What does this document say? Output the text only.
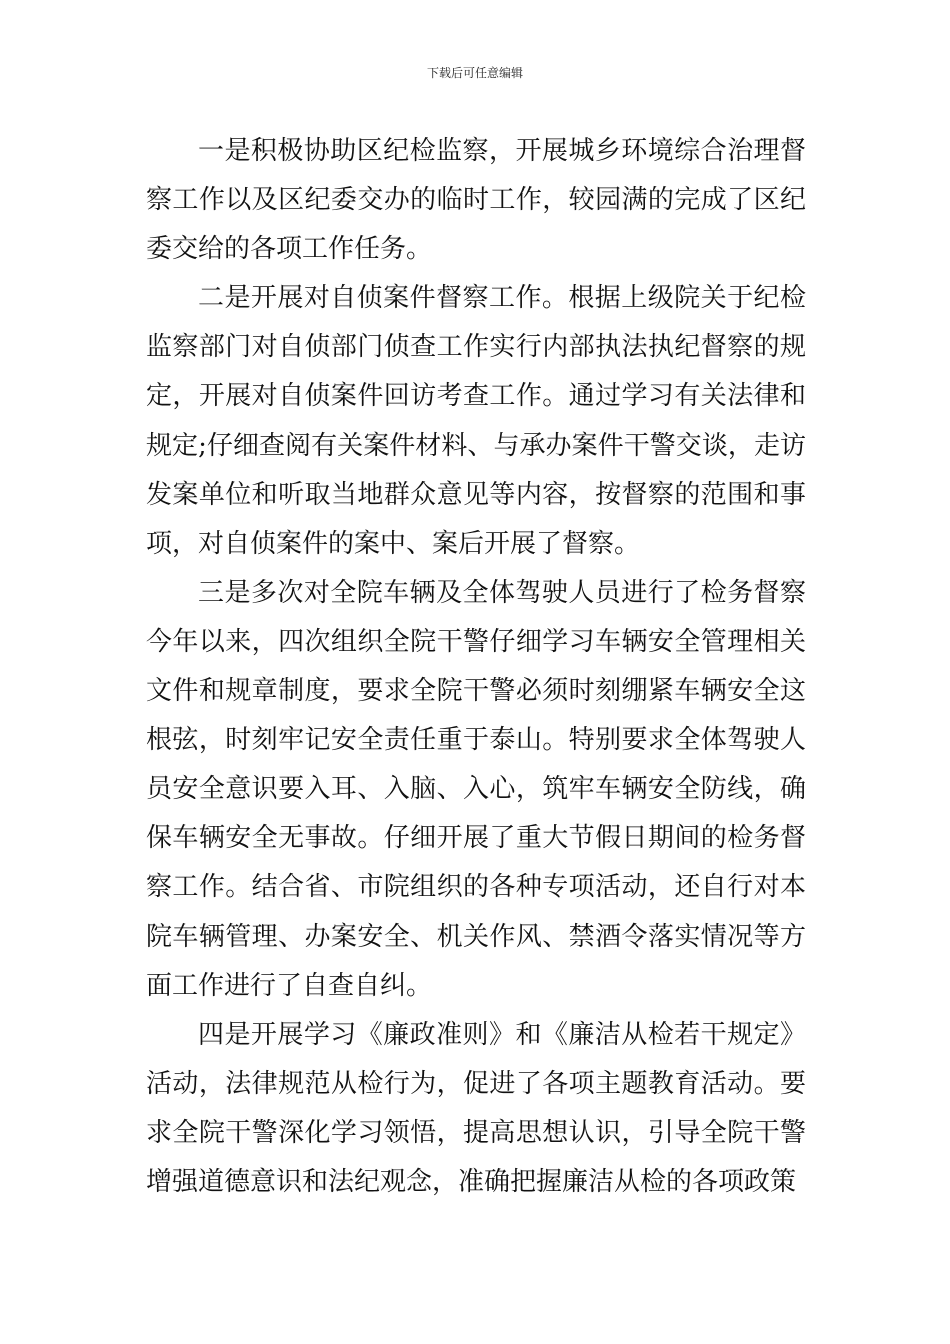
下载后可任意编辑

一是积极协助区纪检监察，开展城乡环境综合治理督察工作以及区纪委交办的临时工作，较园满的完成了区纪委交给的各项工作任务。

二是开展对自侦案件督察工作。根据上级院关于纪检监察部门对自侦部门侦查工作实行内部执法执纪督察的规定，开展对自侦案件回访考查工作。通过学习有关法律和规定;仔细查阅有关案件材料、与承办案件干警交谈，走访发案单位和听取当地群众意见等内容，按督察的范围和事项，对自侦案件的案中、案后开展了督察。

三是多次对全院车辆及全体驾驶人员进行了检务督察今年以来，四次组织全院干警仔细学习车辆安全管理相关文件和规章制度，要求全院干警必须时刻绷紧车辆安全这根弦，时刻牢记安全责任重于泰山。特别要求全体驾驶人员安全意识要入耳、入脑、入心，筑牢车辆安全防线，确保车辆安全无事故。仔细开展了重大节假日期间的检务督察工作。结合省、市院组织的各种专项活动，还自行对本院车辆管理、办案安全、机关作风、禁酒令落实情况等方面工作进行了自查自纠。

四是开展学习《廉政准则》和《廉洁从检若干规定》活动，法律规范从检行为，促进了各项主题教育活动。要求全院干警深化学习领悟，提高思想认识，引导全院干警增强道德意识和法纪观念，准确把握廉洁从检的各项政策
